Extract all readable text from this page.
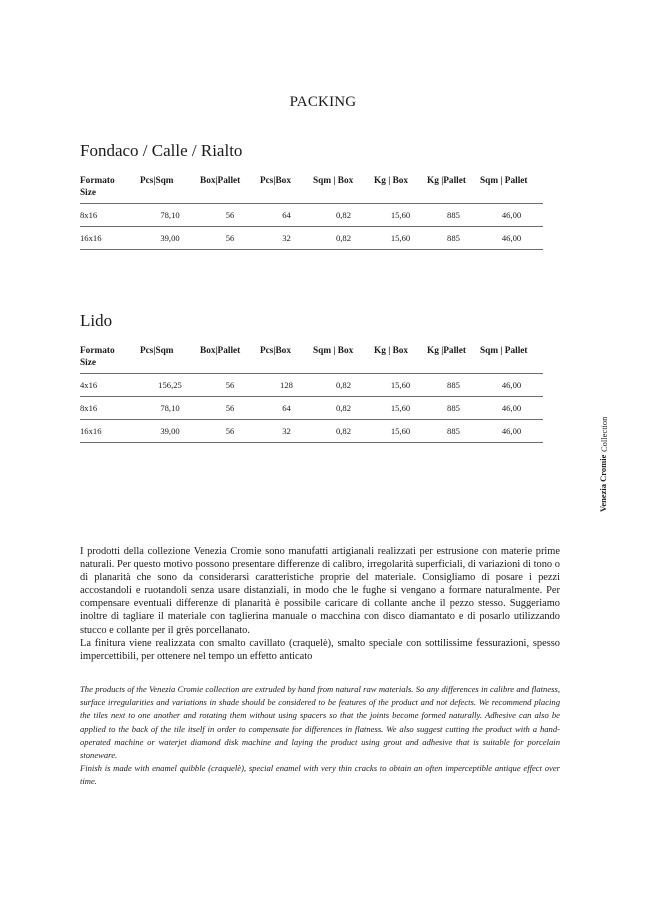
PACKING
Fondaco / Calle / Rialto
Formato
Size	Pcs|Sqm	Box|Pallet	Pcs|Box	Sqm | Box	Kg | Box	Kg |Pallet	Sqm | Pallet
8x16	78,10	56	64	0,82	15,60	885	46,00
16x16	39,00	56	32	0,82	15,60	885	46,00
Lido
Formato
Size	Pcs|Sqm	Box|Pallet	Pcs|Box	Sqm | Box	Kg | Box	Kg |Pallet	Sqm | Pallet
4x16	156,25	56	128	0,82	15,60	885	46,00
8x16	78,10	56	64	0,82	15,60	885	46,00
16x16	39,00	56	32	0,82	15,60	885	46,00
Venezia Cromie

Collection

I prodotti della collezione Venezia Cromie sono manufatti artigianali realizzati per estrusione con materie prime naturali. Per questo motivo possono presentare differenze di calibro, irregolarità superficiali, di variazioni di tono o di planarità che sono da considerarsi caratteristiche proprie del materiale. Consigliamo di posare i pezzi accostandoli e ruotandoli senza usare distanziali, in modo che le fughe si vengano a formare naturalmente. Per compensare eventuali differenze di planarità è possibile caricare di collante anche il pezzo stesso. Suggeriamo inoltre di tagliare il materiale con taglierina manuale o macchina con disco diamantato e di posarlo utilizzando stucco e collante per il grès porcellanato.

La finitura viene realizzata con smalto cavillato (craquelè), smalto speciale con sottilissime fessurazioni, spesso impercettibili, per ottenere nel tempo un effetto anticato

The products of the Venezia Cromie collection are extruded by hand from natural raw materials. So any differences in calibre and flatness, surface irregularities and variations in shade should be considered to be features of the product and not defects. We recommend placing the tiles next to one another and rotating them without using spacers so that the joints become formed naturally. Adhesive can also be applied to the back of the tile itself in order to compensate for differences in flatness. We also suggest cutting the product with a hand-operated machine or waterjet diamond disk machine and laying the product using grout and adhesive that is suitable for porcelain stoneware.

Finish is made with enamel quibble (craquelè), special enamel with very thin cracks to obtain an often imperceptible antique effect over time.
